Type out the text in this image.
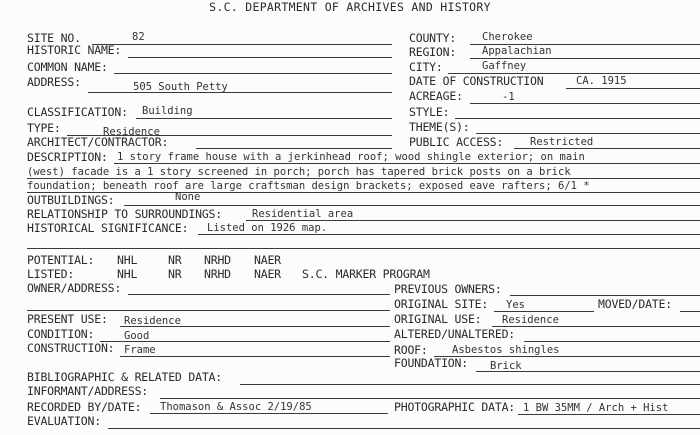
S.C. DEPARTMENT OF ARCHIVES AND HISTORY
SITE NO.	82
HISTORIC NAME:
COMMON NAME:
ADDRESS:	505 South Petty
CLASSIFICATION: Building
TYPE:	Residence
ARCHITECT/CONTRACTOR:
COUNTY: Cherokee
REGION: Appalachian
CITY:	Gaffney
DATE OF CONSTRUCTION	CA. 1915
ACREAGE:	-1
STYLE:
THEME(S):
PUBLIC ACCESS:	Restricted
DESCRIPTION: 1 story frame house with a jerkinhead roof; wood shingle exterior; on main
(west) facade is a 1 story screened in porch; porch has tapered brick posts on a brick
foundation; beneath roof are large craftsman design brackets; exposed eave rafters; 6/1 *
OUTBUILDINGS:	None
RELATIONSHIP TO SURROUNDINGS:	Residential area
HISTORICAL SIGNIFICANCE: Listed on 1926 map.
POTENTIAL: NHL	NR NRHD NAER
LISTED:	NHL	NR NRHD NAER S.C. MARKER PROGRAM
OWNER/ADDRESS:	PREVIOUS OWNERS:
ORIGINAL SITE: Yes	MOVED/DATE:
PRESENT USE: Residence	ORIGINAL USE: Residence
CONDITION:	Good	ALTERED/UNALTERED:
CONSTRUCTION: Frame	ROOF: Asbestos shingles
FOUNDATION: Brick
BIBLIOGRAPHIC & RELATED DATA:
INFORMANT/ADDRESS:
RECORDED BY/DATE: Thomason & Assoc 2/19/85	PHOTOGRAPHIC DATA: 1 BW 35MM / Arch + Hist
EVALUATION:
